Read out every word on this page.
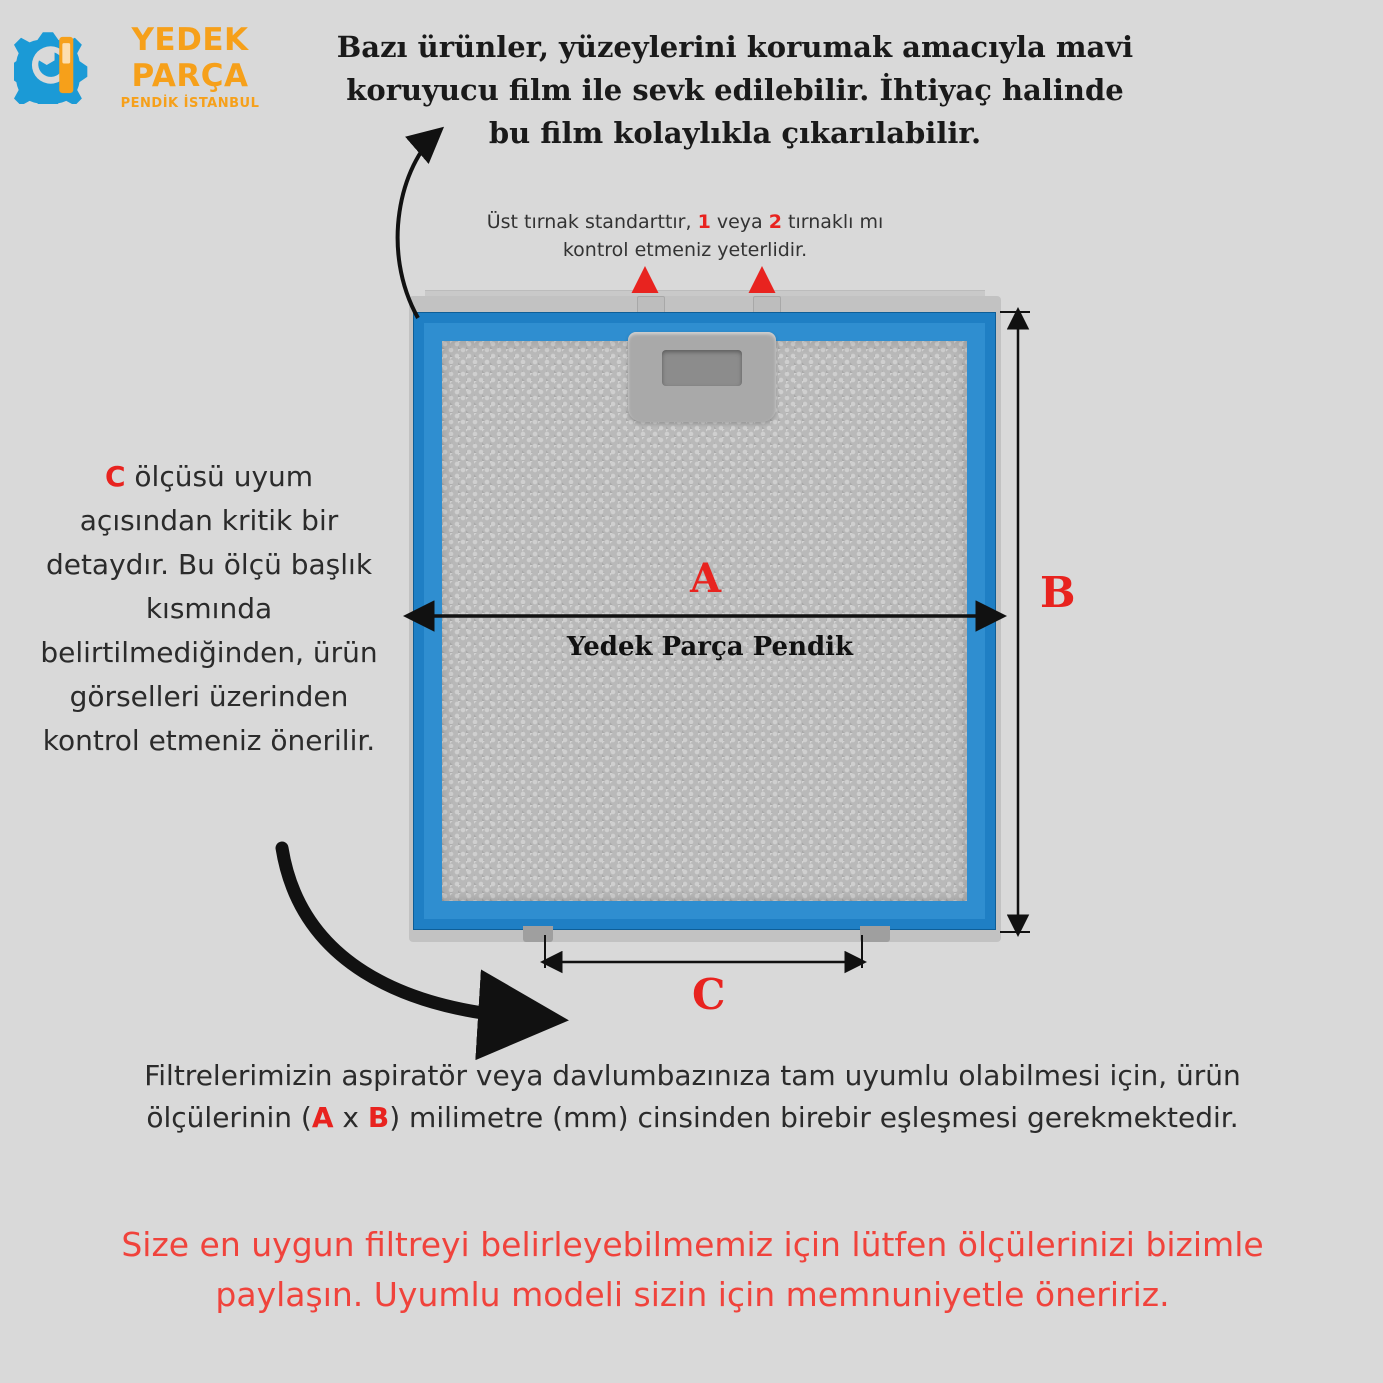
YEDEK
PARÇA
PENDİK İSTANBUL
Bazı ürünler, yüzeylerini korumak amacıyla mavi koruyucu film ile sevk edilebilir. İhtiyaç halinde bu film kolaylıkla çıkarılabilir.
Üst tırnak standarttır, 1 veya 2 tırnaklı mı kontrol etmeniz yeterlidir.
C ölçüsü uyum açısından kritik bir detaydır. Bu ölçü başlık kısmında belirtilmediğinden, ürün görselleri üzerinden kontrol etmeniz önerilir.
Yedek Parça Pendik
A	B
C
Filtrelerimizin aspiratör veya davlumbazınıza tam uyumlu olabilmesi için, ürün ölçülerinin (A x B) milimetre (mm) cinsinden birebir eşleşmesi gerekmektedir.
Size en uygun filtreyi belirleyebilmemiz için lütfen ölçülerinizi bizimle paylaşın. Uyumlu modeli sizin için memnuniyetle öneririz.
